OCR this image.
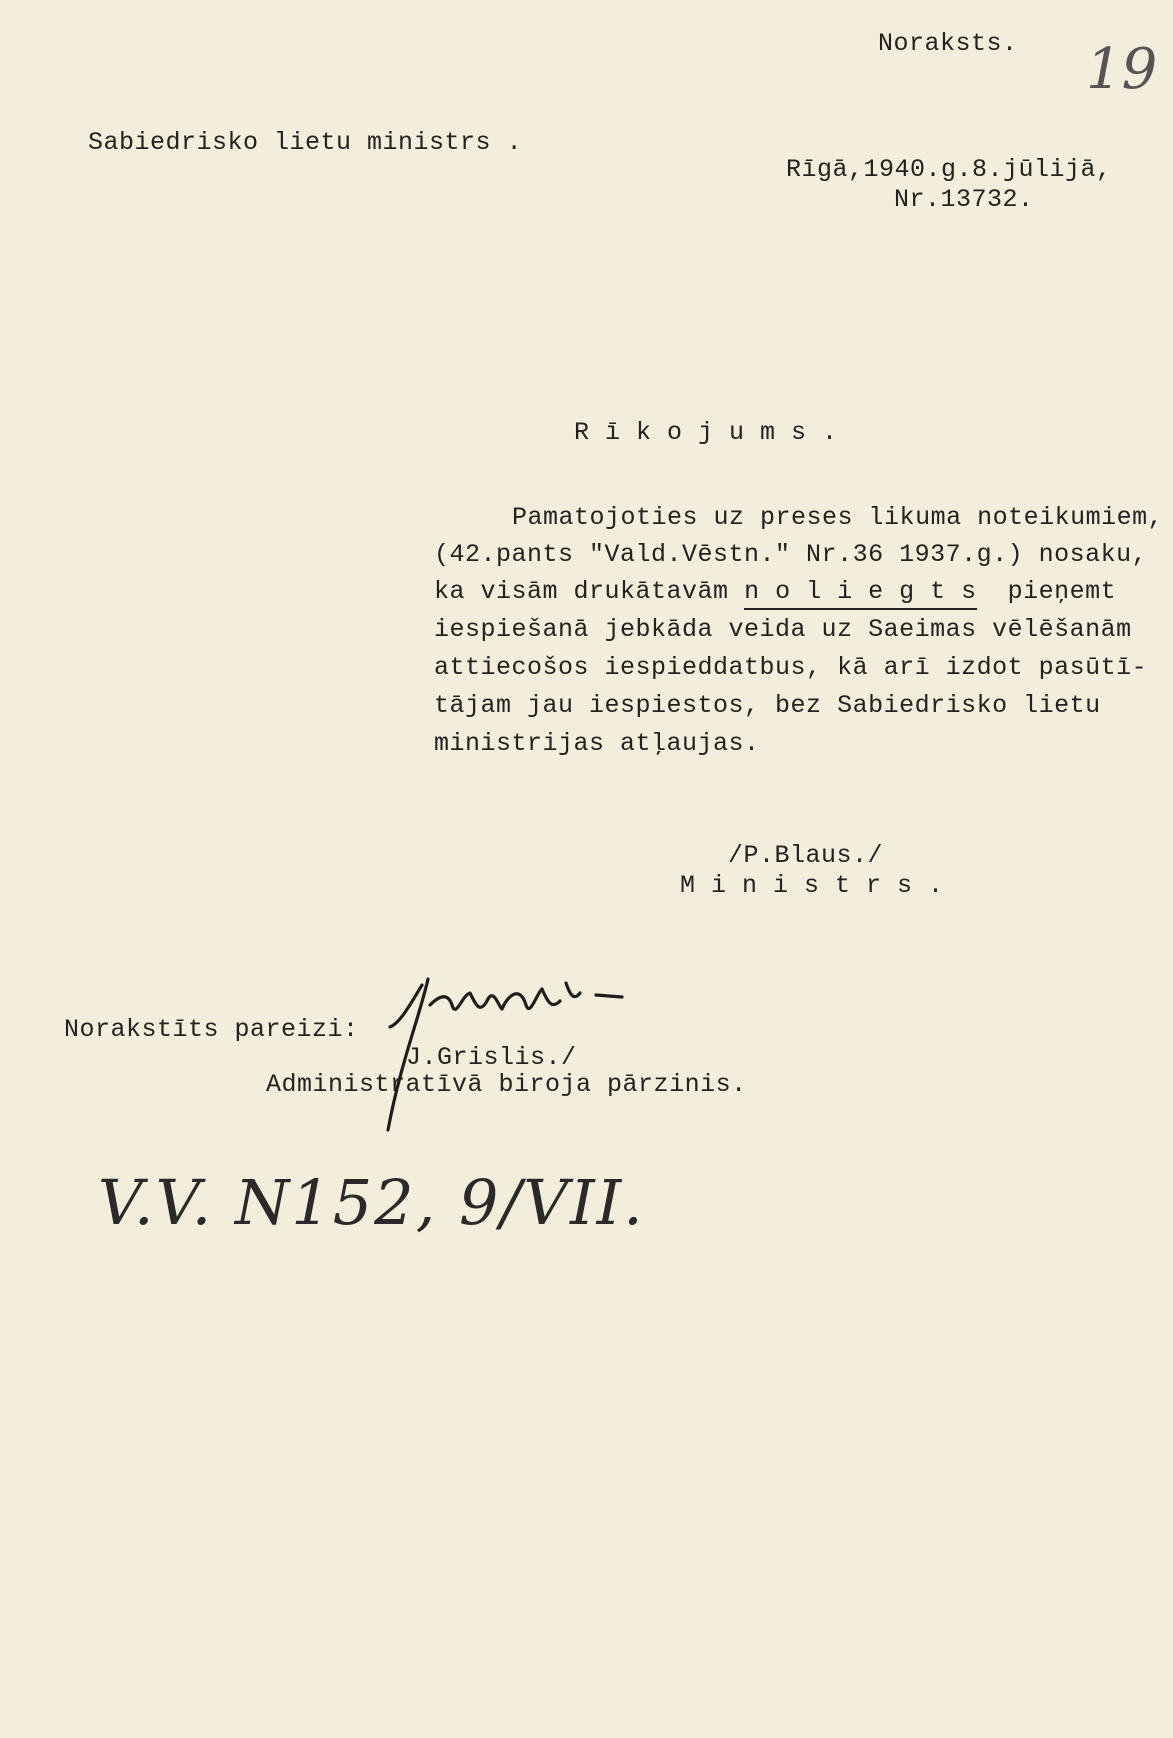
Noraksts. 19
Sabiedrisko lietu ministrs .
Rīgā,1940.g.8.jūlijā,
Nr.13732.
R ī k o j u m s .
Pamatojoties uz preses likuma noteikumiem,
(42.pants "Vald.Vēstn." Nr.36 1937.g.) nosaku,
ka visām drukātavām n o l i e g t s  pieņemt
iespiešanā jebkāda veida uz Saeimas vēlēšanām
attiecošos iespieddatbus, kā arī izdot pasūtī-
tājam jau iespiestos, bez Sabiedrisko lietu
ministrijas atļaujas.
/P.Blaus./
M i n i s t r s .
Norakstīts pareizi:
J.Grislis./
Administratīvā biroja pārzinis.
V.V. N152, 9/VII.
